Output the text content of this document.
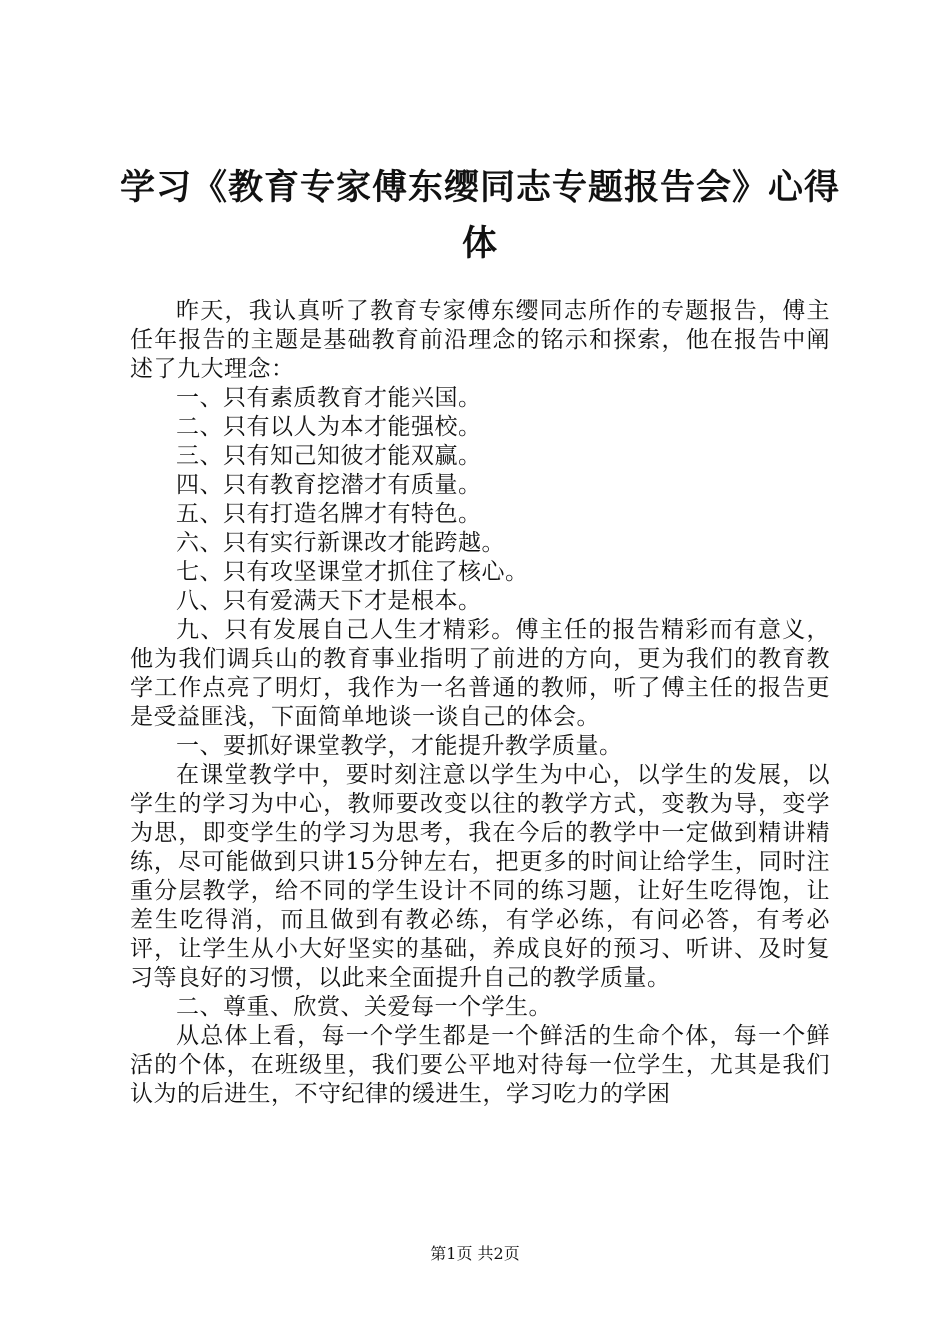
学习《教育专家傅东缨同志专题报告会》心得体

昨天，我认真听了教育专家傅东缨同志所作的专题报告，傅主任年报告的主题是基础教育前沿理念的铭示和探索，他在报告中阐述了九大理念：

一、只有素质教育才能兴国。

二、只有以人为本才能强校。

三、只有知己知彼才能双赢。

四、只有教育挖潜才有质量。

五、只有打造名牌才有特色。

六、只有实行新课改才能跨越。

七、只有攻坚课堂才抓住了核心。

八、只有爱满天下才是根本。

九、只有发展自己人生才精彩。傅主任的报告精彩而有意义，他为我们调兵山的教育事业指明了前进的方向，更为我们的教育教学工作点亮了明灯，我作为一名普通的教师，听了傅主任的报告更是受益匪浅，下面简单地谈一谈自己的体会。

一、要抓好课堂教学，才能提升教学质量。

在课堂教学中，要时刻注意以学生为中心，以学生的发展，以学生的学习为中心，教师要改变以往的教学方式，变教为导，变学为思，即变学生的学习为思考，我在今后的教学中一定做到精讲精练，尽可能做到只讲15分钟左右，把更多的时间让给学生，同时注重分层教学，给不同的学生设计不同的练习题，让好生吃得饱，让差生吃得消，而且做到有教必练，有学必练，有问必答，有考必评，让学生从小大好坚实的基础，养成良好的预习、听讲、及时复习等良好的习惯，以此来全面提升自己的教学质量。

二、尊重、欣赏、关爱每一个学生。

从总体上看，每一个学生都是一个鲜活的生命个体，每一个鲜活的个体，在班级里，我们要公平地对待每一位学生，尤其是我们认为的后进生，不守纪律的缓进生，学习吃力的学困

第1页 共2页
